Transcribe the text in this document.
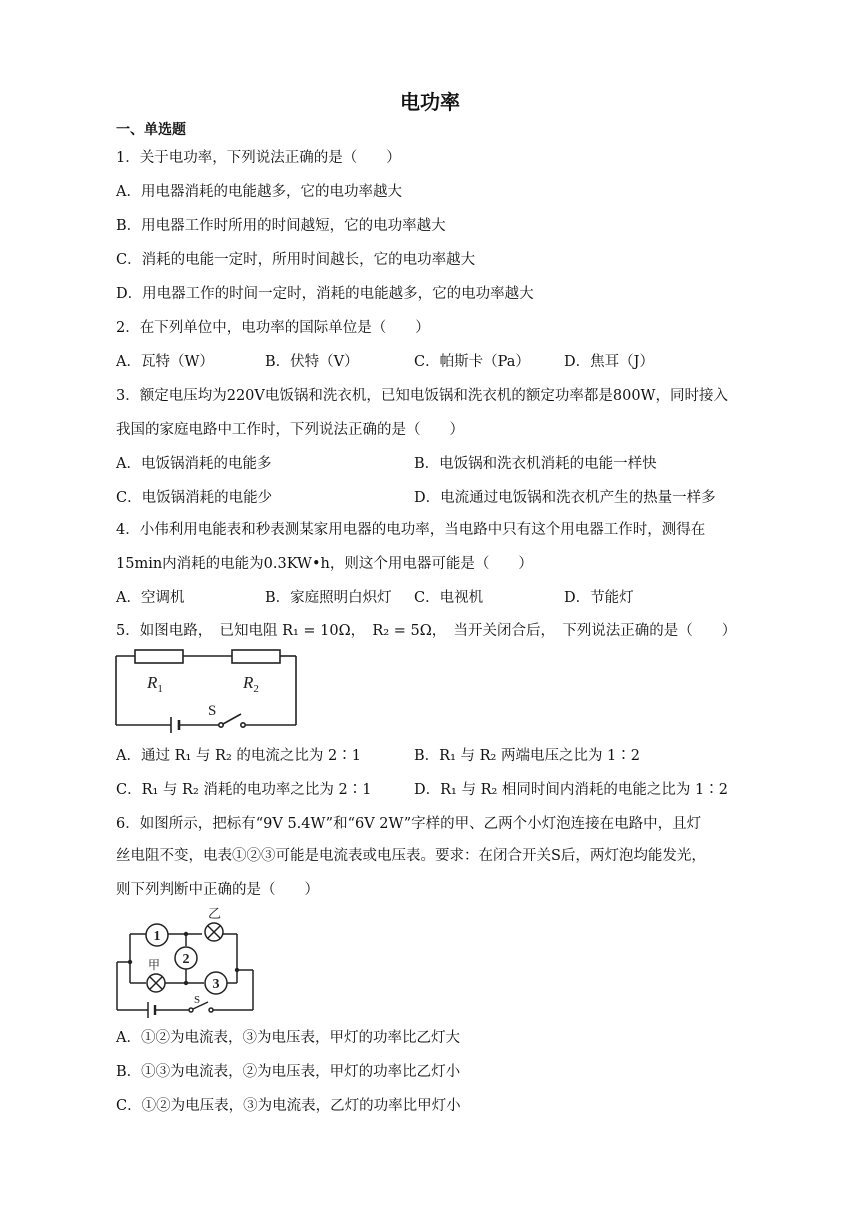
电功率
一、单选题
1．关于电功率，下列说法正确的是（　　）
A．用电器消耗的电能越多，它的电功率越大
B．用电器工作时所用的时间越短，它的电功率越大
C．消耗的电能一定时，所用时间越长，它的电功率越大
D．用电器工作的时间一定时，消耗的电能越多，它的电功率越大
2．在下列单位中，电功率的国际单位是（　　）
A．瓦特（W）	B．伏特（V）	C．帕斯卡（Pa） D．焦耳（J）
3．额定电压均为220V电饭锅和洗衣机，已知电饭锅和洗衣机的额定功率都是800W，同时接入
我国的家庭电路中工作时，下列说法正确的是（　　）
A．电饭锅消耗的电能多	B．电饭锅和洗衣机消耗的电能一样快
C．电饭锅消耗的电能少	D．电流通过电饭锅和洗衣机产生的热量一样多
4．小伟利用电能表和秒表测某家用电器的电功率，当电路中只有这个用电器工作时，测得在
15min内消耗的电能为0.3KW•h，则这个用电器可能是（　　）
A．空调机	B．家庭照明白炽灯 C．电视机	D．节能灯
5．如图电路，　已知电阻 R₁ = 10Ω，　R₂ = 5Ω，　当开关闭合后，　下列说法正确的是（　　）
$R_1$	$R_2$
S
A．通过 R₁ 与 R₂ 的电流之比为 2∶1	B．R₁ 与 R₂ 两端电压之比为 1∶2
C．R₁ 与 R₂ 消耗的电功率之比为 2∶1	D．R₁ 与 R₂ 相同时间内消耗的电能之比为 1∶2
6．如图所示，把标有“9V 5.4W”和“6V 2W”字样的甲、乙两个小灯泡连接在电路中，且灯
丝电阻不变，电表①②③可能是电流表或电压表。要求：在闭合开关S后，两灯泡均能发光，
则下列判断中正确的是（　　）
1
2
3
乙
甲
S
A．①②为电流表，③为电压表，甲灯的功率比乙灯大
B．①③为电流表，②为电压表，甲灯的功率比乙灯小
C．①②为电压表，③为电流表，乙灯的功率比甲灯小
